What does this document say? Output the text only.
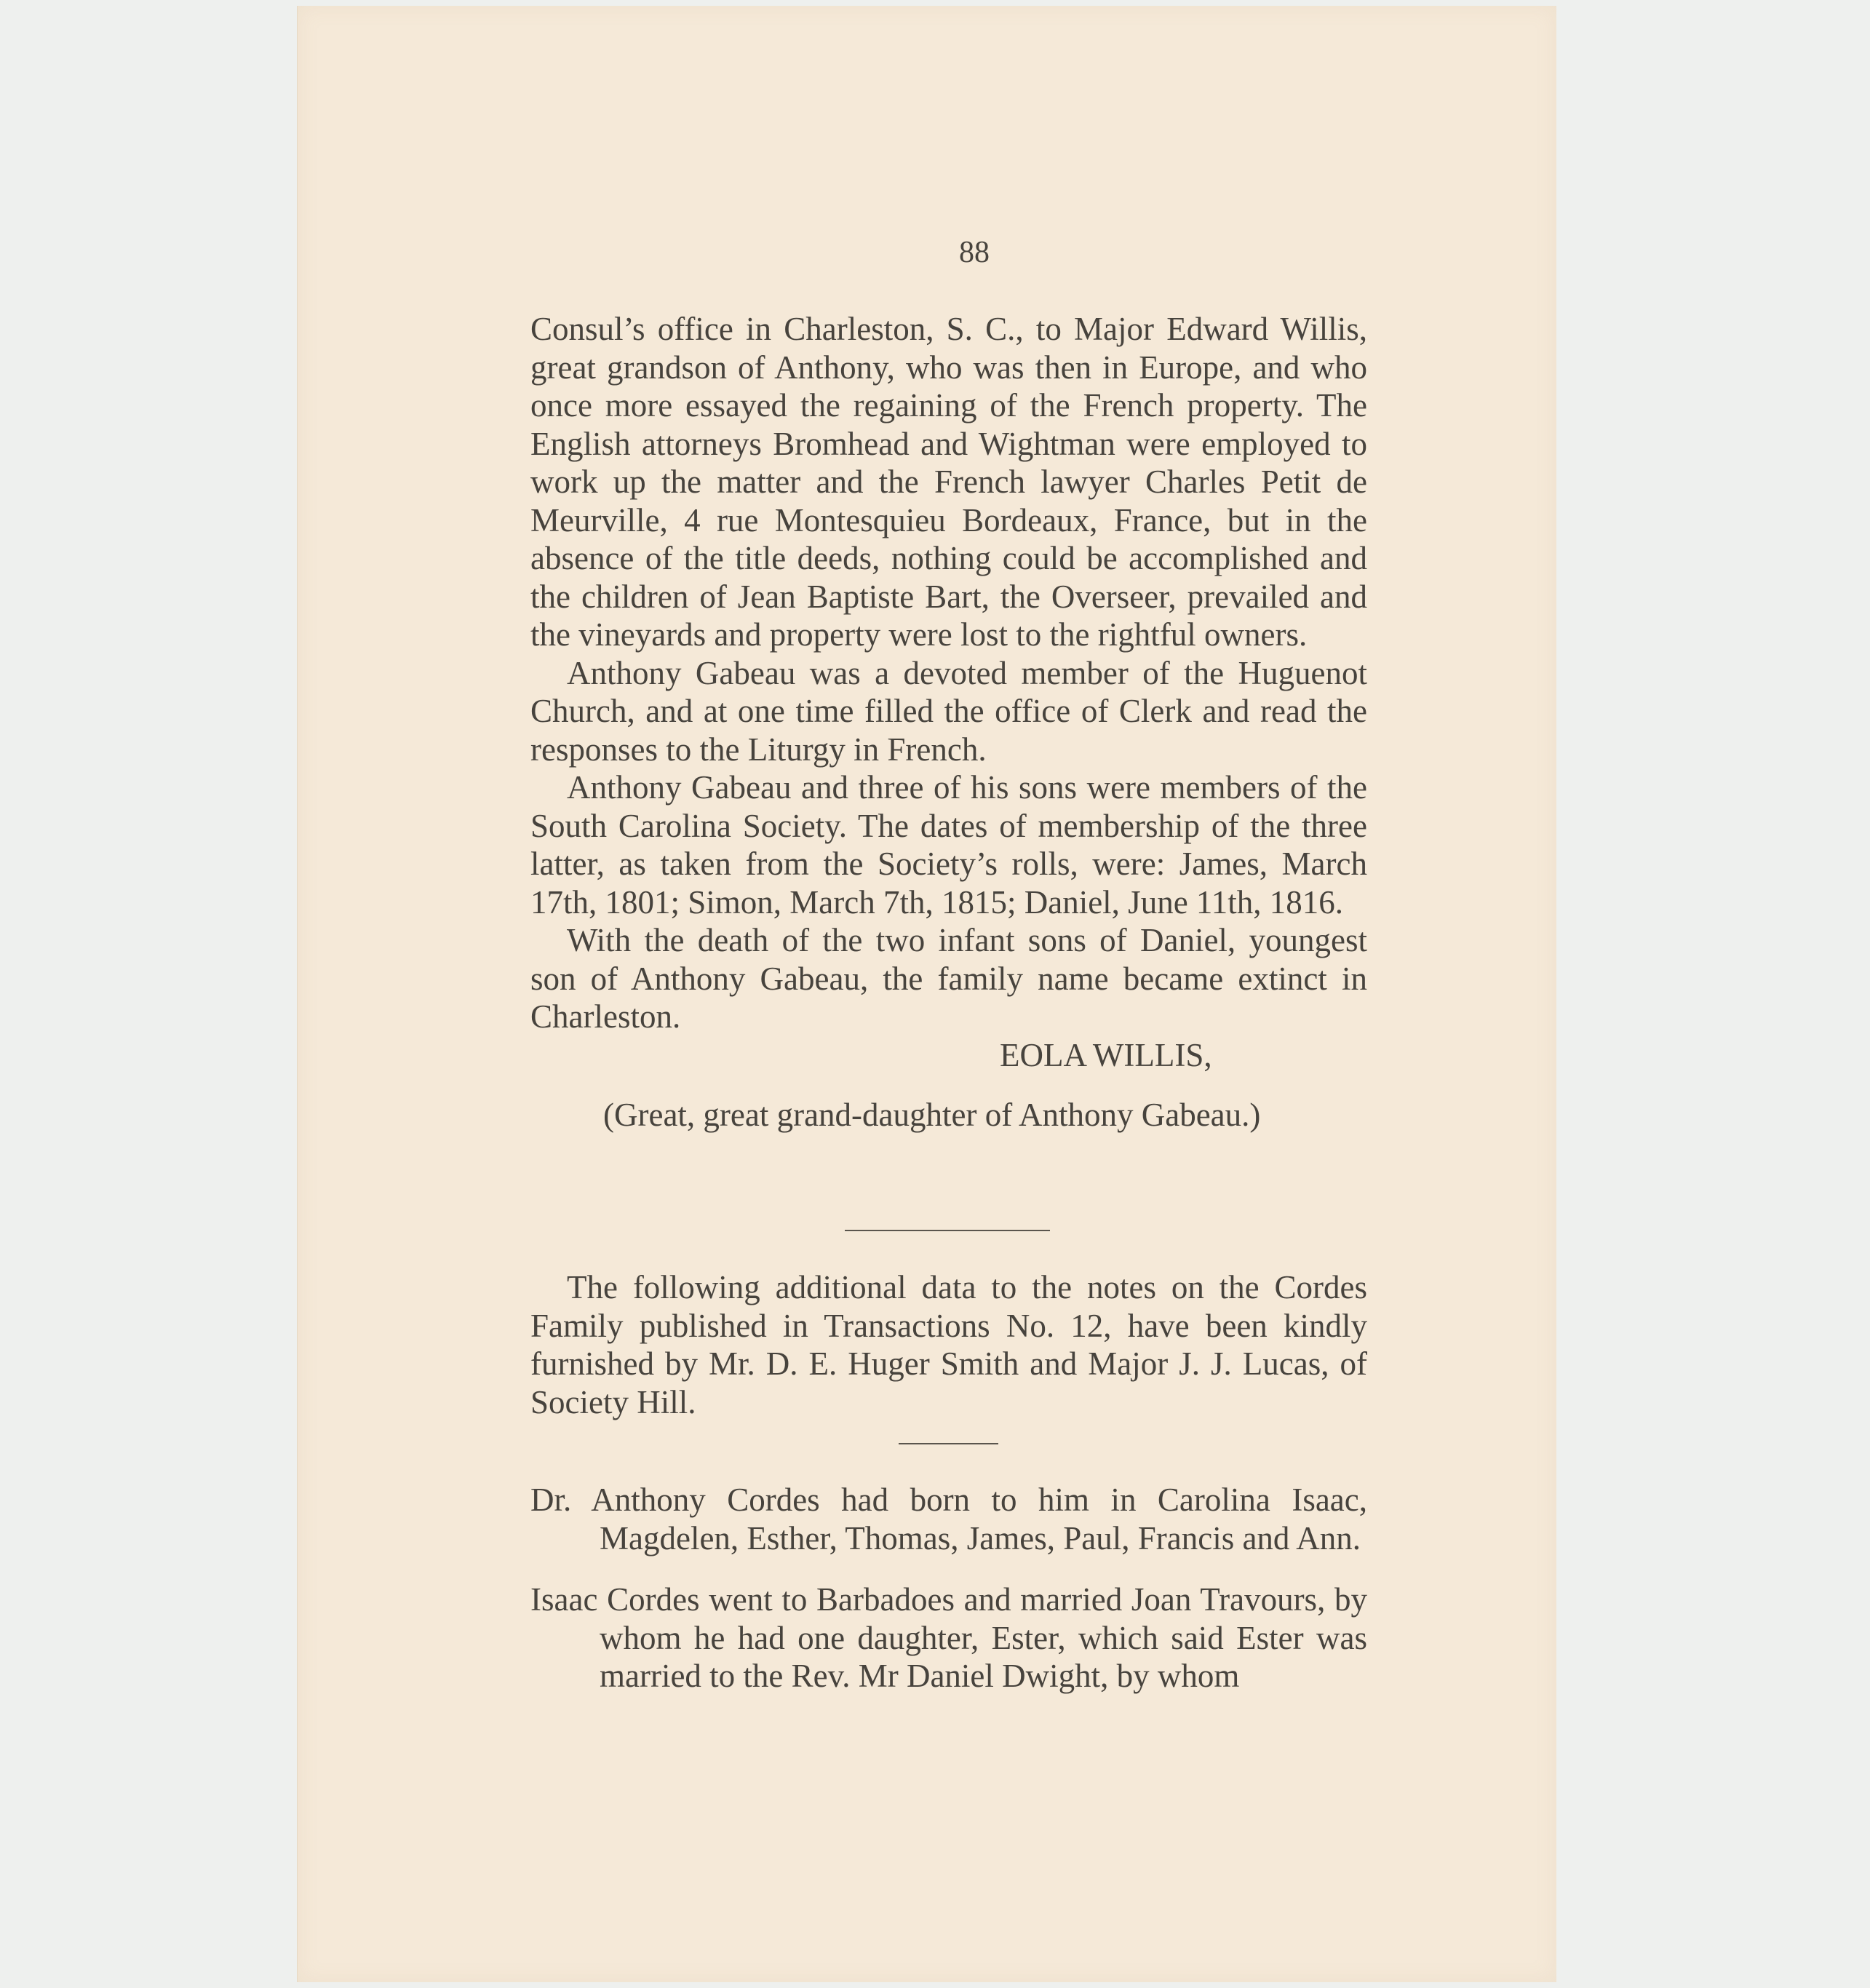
88

Consul’s office in Charleston, S. C., to Major Edward Willis, great grandson of Anthony, who was then in Europe, and who once more essayed the regaining of the French property. The English attorneys Bromhead and Wightman were employed to work up the matter and the French lawyer Charles Petit de Meurville, 4 rue Montesquieu Bordeaux, France, but in the absence of the title deeds, nothing could be accomplished and the children of Jean Baptiste Bart, the Overseer, prevailed and the vineyards and property were lost to the rightful owners.

Anthony Gabeau was a devoted member of the Huguenot Church, and at one time filled the office of Clerk and read the responses to the Liturgy in French.

Anthony Gabeau and three of his sons were members of the South Carolina Society. The dates of membership of the three latter, as taken from the Society’s rolls, were: James, March 17th, 1801; Simon, March 7th, 1815; Daniel, June 11th, 1816.

With the death of the two infant sons of Daniel, youngest son of Anthony Gabeau, the family name became extinct in Charleston.

EOLA WILLIS,

(Great, great grand-daughter of Anthony Gabeau.)

The following additional data to the notes on the Cordes Family published in Transactions No. 12, have been kindly furnished by Mr. D. E. Huger Smith and Major J. J. Lucas, of Society Hill.

Dr. Anthony Cordes had born to him in Carolina Isaac, Magdelen, Esther, Thomas, James, Paul, Francis and Ann.

Isaac Cordes went to Barbadoes and married Joan Travours, by whom he had one daughter, Ester, which said Ester was married to the Rev. Mr Daniel Dwight, by whom
